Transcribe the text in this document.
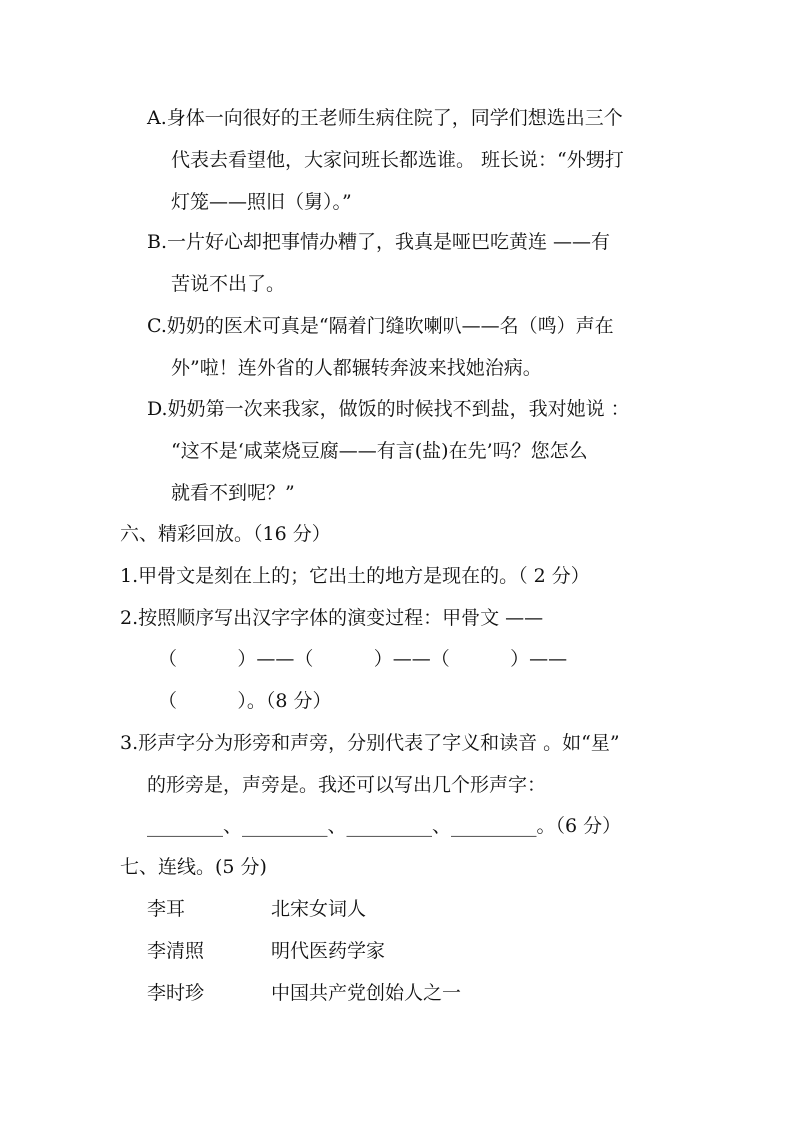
A.身体一向很好的王老师生病住院了，同学们想选出三个
代表去看望他，大家问班长都选谁。 班长说：“外甥打
灯笼——照旧（舅）。”
B.一片好心却把事情办糟了，我真是哑巴吃黄连 ——有
苦说不出了。
C.奶奶的医术可真是“隔着门缝吹喇叭——名（鸣）声在
外”啦！连外省的人都辗转奔波来找她治病。
D.奶奶第一次来我家，做饭的时候找不到盐，我对她说 ：
“这不是‘咸菜烧豆腐——有言(盐)在先’吗？您怎么
就看不到呢？”
六、精彩回放。（16 分）
1.甲骨文是刻在上的；它出土的地方是现在的。（ 2 分）
2.按照顺序写出汉字字体的演变过程：甲骨文 ——
（          ）——（          ）——（          ）——
（          ）。（8 分）
3.形声字分为形旁和声旁，分别代表了字义和读音 。如“星”
的形旁是，声旁是。我还可以写出几个形声字：
________、_________、_________、_________。（6 分）
七、连线。(5 分)
李耳	北宋女词人
李清照	明代医药学家
李时珍	中国共产党创始人之一
